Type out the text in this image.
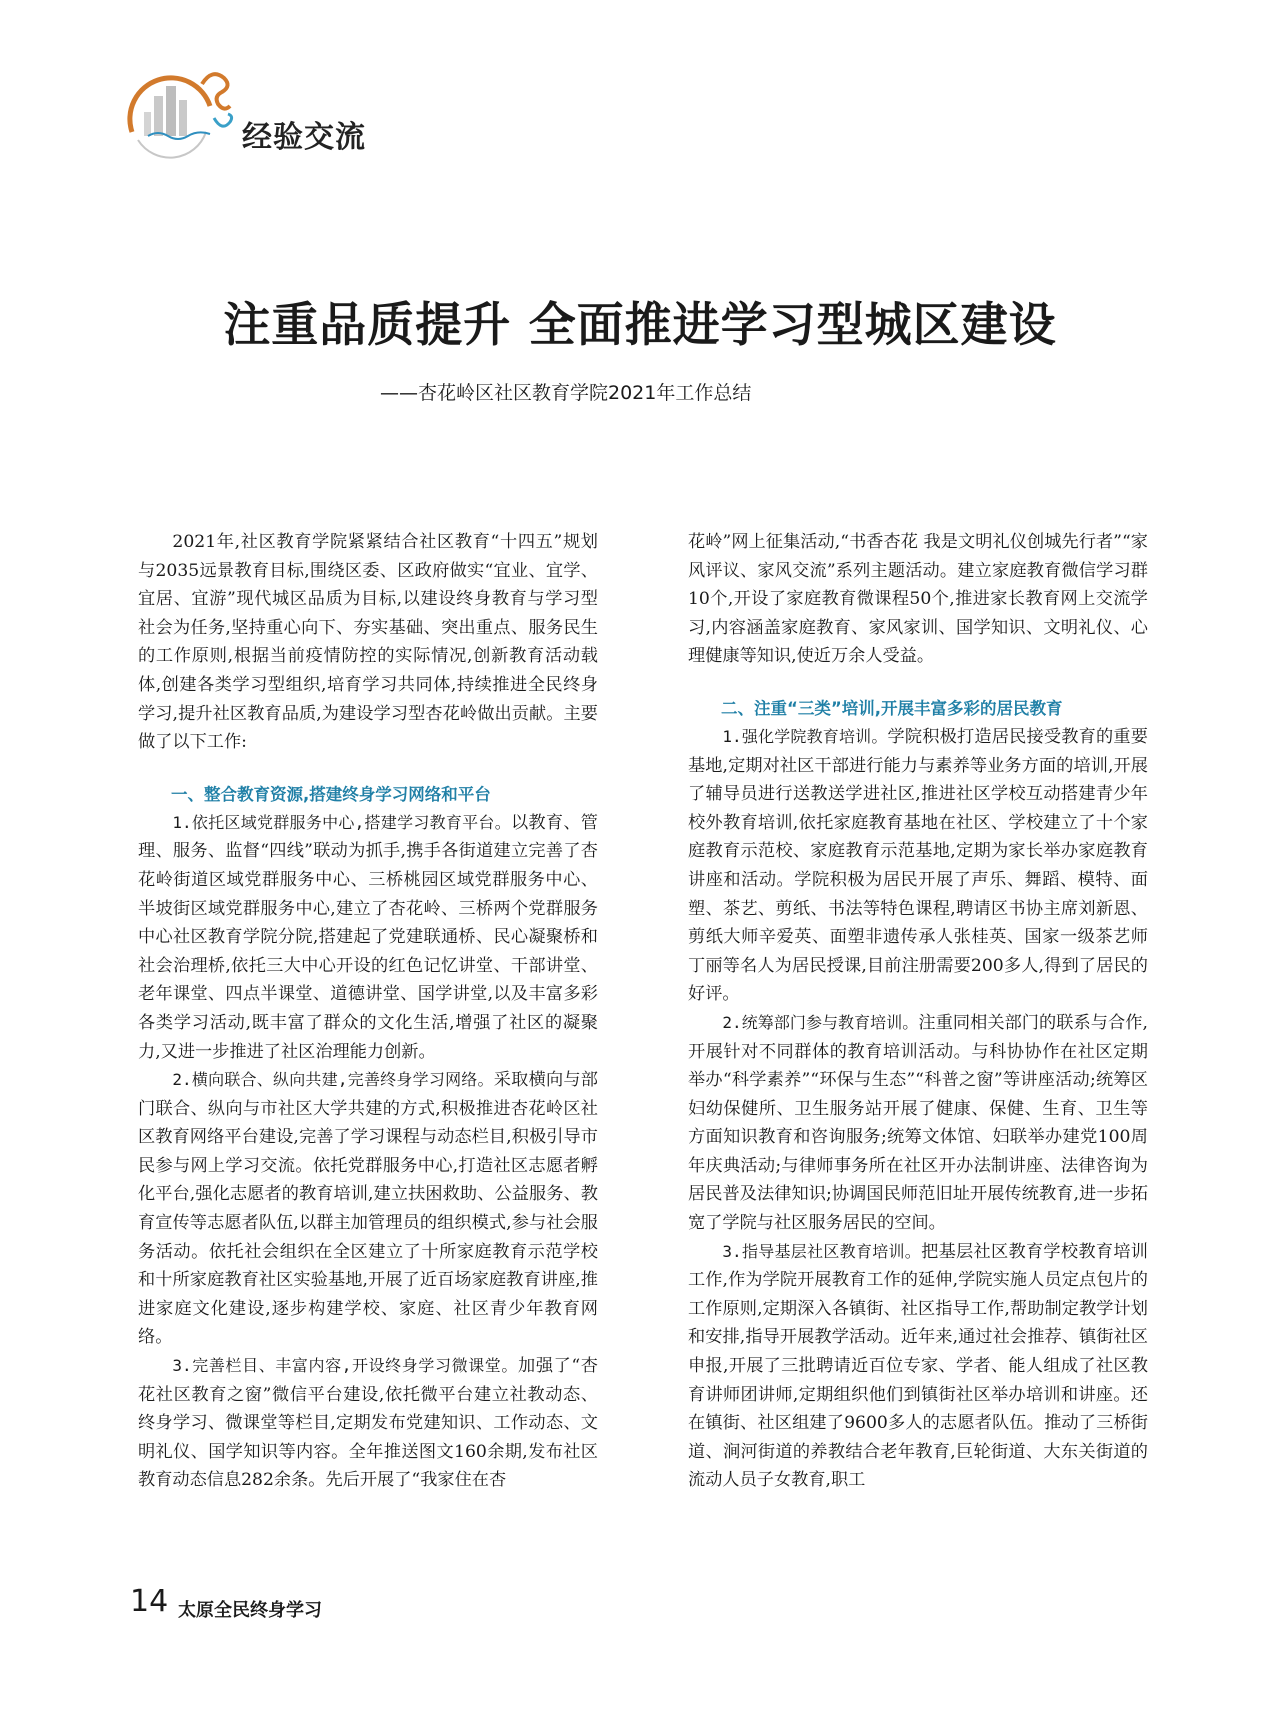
经验交流
注重品质提升 全面推进学习型城区建设
——杏花岭区社区教育学院2021年工作总结

2021年,社区教育学院紧紧结合社区教育“十四五”规划与2035远景教育目标,围绕区委、区政府做实“宜业、宜学、宜居、宜游”现代城区品质为目标,以建设终身教育与学习型社会为任务,坚持重心向下、夯实基础、突出重点、服务民生的工作原则,根据当前疫情防控的实际情况,创新教育活动载体,创建各类学习型组织,培育学习共同体,持续推进全民终身学习,提升社区教育品质,为建设学习型杏花岭做出贡献。主要做了以下工作:

一、整合教育资源,搭建终身学习网络和平台

1.依托区域党群服务中心,搭建学习教育平台。以教育、管理、服务、监督“四线”联动为抓手,携手各街道建立完善了杏花岭街道区域党群服务中心、三桥桃园区域党群服务中心、半坡街区域党群服务中心,建立了杏花岭、三桥两个党群服务中心社区教育学院分院,搭建起了党建联通桥、民心凝聚桥和社会治理桥,依托三大中心开设的红色记忆讲堂、干部讲堂、老年课堂、四点半课堂、道德讲堂、国学讲堂,以及丰富多彩各类学习活动,既丰富了群众的文化生活,增强了社区的凝聚力,又进一步推进了社区治理能力创新。

2.横向联合、纵向共建,完善终身学习网络。采取横向与部门联合、纵向与市社区大学共建的方式,积极推进杏花岭区社区教育网络平台建设,完善了学习课程与动态栏目,积极引导市民参与网上学习交流。依托党群服务中心,打造社区志愿者孵化平台,强化志愿者的教育培训,建立扶困救助、公益服务、教育宣传等志愿者队伍,以群主加管理员的组织模式,参与社会服务活动。依托社会组织在全区建立了十所家庭教育示范学校和十所家庭教育社区实验基地,开展了近百场家庭教育讲座,推进家庭文化建设,逐步构建学校、家庭、社区青少年教育网络。

3.完善栏目、丰富内容,开设终身学习微课堂。加强了“杏花社区教育之窗”微信平台建设,依托微平台建立社教动态、终身学习、微课堂等栏目,定期发布党建知识、工作动态、文明礼仪、国学知识等内容。全年推送图文160余期,发布社区教育动态信息282余条。先后开展了“我家住在杏

花岭”网上征集活动,“书香杏花 我是文明礼仪创城先行者”“家风评议、家风交流”系列主题活动。建立家庭教育微信学习群10个,开设了家庭教育微课程50个,推进家长教育网上交流学习,内容涵盖家庭教育、家风家训、国学知识、文明礼仪、心理健康等知识,使近万余人受益。

二、注重“三类”培训,开展丰富多彩的居民教育

1.强化学院教育培训。学院积极打造居民接受教育的重要基地,定期对社区干部进行能力与素养等业务方面的培训,开展了辅导员进行送教送学进社区,推进社区学校互动搭建青少年校外教育培训,依托家庭教育基地在社区、学校建立了十个家庭教育示范校、家庭教育示范基地,定期为家长举办家庭教育讲座和活动。学院积极为居民开展了声乐、舞蹈、模特、面塑、茶艺、剪纸、书法等特色课程,聘请区书协主席刘新恩、剪纸大师辛爱英、面塑非遗传承人张桂英、国家一级茶艺师丁丽等名人为居民授课,目前注册需要200多人,得到了居民的好评。

2.统筹部门参与教育培训。注重同相关部门的联系与合作,开展针对不同群体的教育培训活动。与科协协作在社区定期举办“科学素养”“环保与生态”“科普之窗”等讲座活动;统筹区妇幼保健所、卫生服务站开展了健康、保健、生育、卫生等方面知识教育和咨询服务;统筹文体馆、妇联举办建党100周年庆典活动;与律师事务所在社区开办法制讲座、法律咨询为居民普及法律知识;协调国民师范旧址开展传统教育,进一步拓宽了学院与社区服务居民的空间。

3.指导基层社区教育培训。把基层社区教育学校教育培训工作,作为学院开展教育工作的延伸,学院实施人员定点包片的工作原则,定期深入各镇街、社区指导工作,帮助制定教学计划和安排,指导开展教学活动。近年来,通过社会推荐、镇街社区申报,开展了三批聘请近百位专家、学者、能人组成了社区教育讲师团讲师,定期组织他们到镇街社区举办培训和讲座。还在镇街、社区组建了9600多人的志愿者队伍。推动了三桥街道、涧河街道的养教结合老年教育,巨轮街道、大东关街道的流动人员子女教育,职工

14 太原全民终身学习
